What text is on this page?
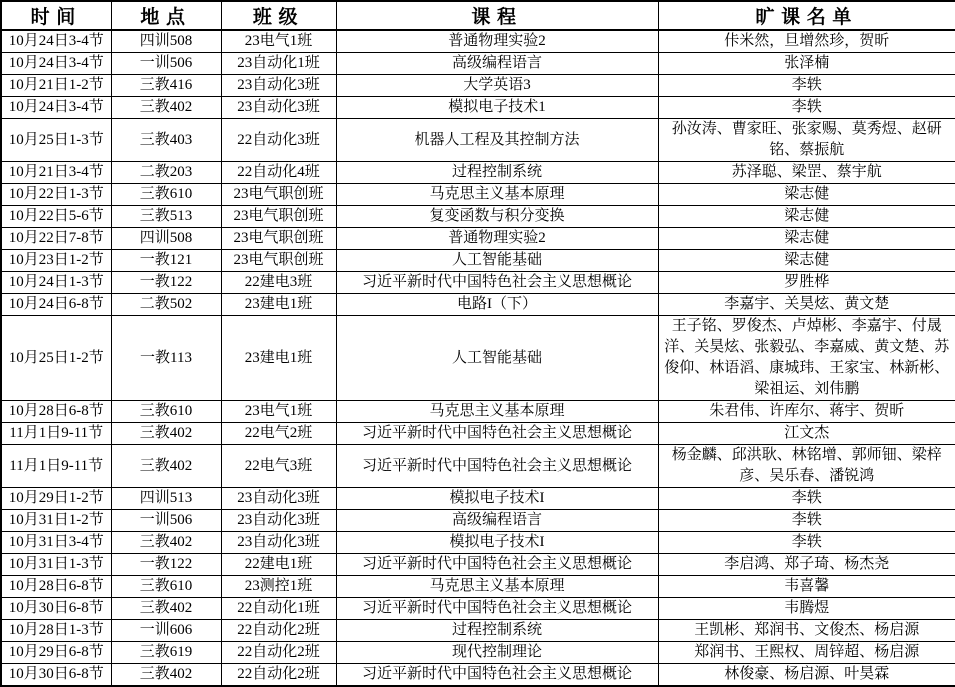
时间	地点	班级	课程	旷课名单
10月24日3-4节	四训508	23电气1班	普通物理实验2	佧米然，旦增然珍，贺昕
10月24日3-4节	一训506	23自动化1班	高级编程语言	张泽楠
10月21日1-2节	三教416	23自动化3班	大学英语3	李轶
10月24日3-4节	三教402	23自动化3班	模拟电子技术1	李轶
10月25日1-3节	三教403	22自动化3班	机器人工程及其控制方法	孙汝涛、曹家旺、张家赐、莫秀煜、赵研铭、蔡振航
10月21日3-4节	二教203	22自动化4班	过程控制系统	苏泽聪、梁罡、蔡宇航
10月22日1-3节	三教610	23电气职创班	马克思主义基本原理	梁志健
10月22日5-6节	三教513	23电气职创班	复变函数与积分变换	梁志健
10月22日7-8节	四训508	23电气职创班	普通物理实验2	梁志健
10月23日1-2节	一教121	23电气职创班	人工智能基础	梁志健
10月24日1-3节	一教122	22建电3班	习近平新时代中国特色社会主义思想概论	罗胜桦
10月24日6-8节	二教502	23建电1班	电路I（下）	李嘉宇、关昊炫、黄文楚
10月25日1-2节	一教113	23建电1班	人工智能基础	王子铭、罗俊杰、卢焯彬、李嘉宇、付晟洋、关昊炫、张毅弘、李嘉威、黄文楚、苏俊仰、林语滔、康城玮、王家宝、林新彬、梁祖运、刘伟鹏
10月28日6-8节	三教610	23电气1班	马克思主义基本原理	朱君伟、许库尔、蒋宇、贺昕
11月1日9-11节	三教402	22电气2班	习近平新时代中国特色社会主义思想概论	江文杰
11月1日9-11节	三教402	22电气3班	习近平新时代中国特色社会主义思想概论	杨金麟、邱洪耿、林铭增、郭师钿、梁梓彦、吴乐春、潘锐鸿
10月29日1-2节	四训513	23自动化3班	模拟电子技术I	李轶
10月31日1-2节	一训506	23自动化3班	高级编程语言	李轶
10月31日3-4节	三教402	23自动化3班	模拟电子技术I	李轶
10月31日1-3节	一教122	22建电1班	习近平新时代中国特色社会主义思想概论	李启鸿、郑子琦、杨杰尧
10月28日6-8节	三教610	23测控1班	马克思主义基本原理	韦喜馨
10月30日6-8节	三教402	22自动化1班	习近平新时代中国特色社会主义思想概论	韦腾煜
10月28日1-3节	一训606	22自动化2班	过程控制系统	王凯彬、郑润书、文俊杰、杨启源
10月29日6-8节	三教619	22自动化2班	现代控制理论	郑润书、王熙权、周锌超、杨启源
10月30日6-8节	三教402	22自动化2班	习近平新时代中国特色社会主义思想概论	林俊豪、杨启源、叶昊霖
